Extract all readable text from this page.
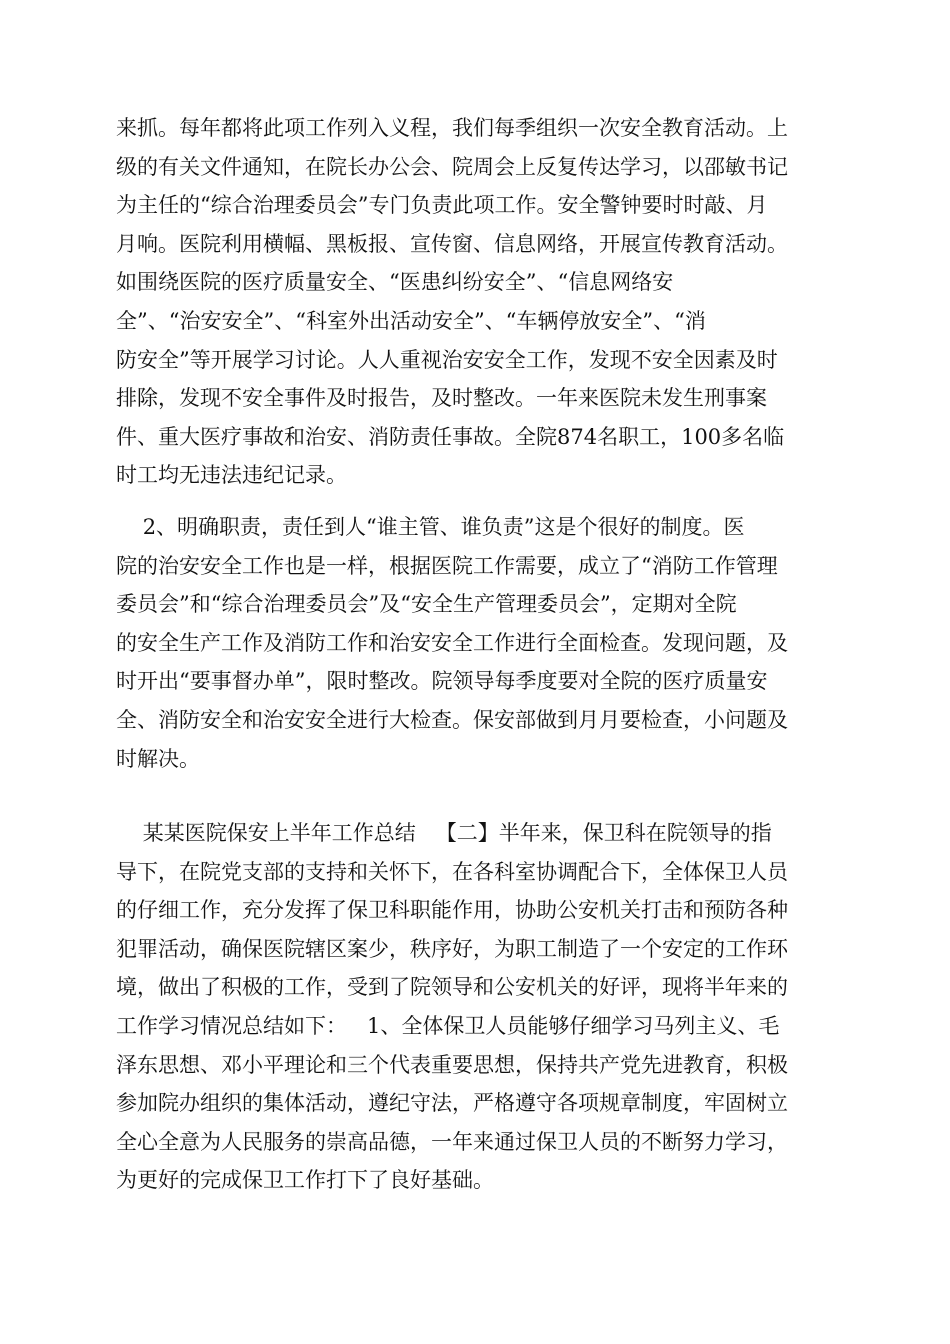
来抓。每年都将此项工作列入义程，我们每季组织一次安全教育活动。上
级的有关文件通知，在院长办公会、院周会上反复传达学习，以邵敏书记
为主任的“综合治理委员会”专门负责此项工作。安全警钟要时时敲、月
月响。医院利用横幅、黑板报、宣传窗、信息网络，开展宣传教育活动。
如围绕医院的医疗质量安全、“医患纠纷安全”、“信息网络安
全”、“治安安全”、“科室外出活动安全”、“车辆停放安全”、“消
防安全”等开展学习讨论。人人重视治安安全工作，发现不安全因素及时
排除，发现不安全事件及时报告，及时整改。一年来医院未发生刑事案
件、重大医疗事故和治安、消防责任事故。全院874名职工，100多名临
时工均无违法违纪记录。
2、明确职责，责任到人“谁主管、谁负责”这是个很好的制度。医
院的治安安全工作也是一样，根据医院工作需要，成立了“消防工作管理
委员会”和“综合治理委员会”及“安全生产管理委员会”，定期对全院
的安全生产工作及消防工作和治安安全工作进行全面检查。发现问题，及
时开出“要事督办单”，限时整改。院领导每季度要对全院的医疗质量安
全、消防安全和治安安全进行大检查。保安部做到月月要检查，小问题及
时解决。
某某医院保安上半年工作总结   【二】半年来，保卫科在院领导的指
导下，在院党支部的支持和关怀下，在各科室协调配合下，全体保卫人员
的仔细工作，充分发挥了保卫科职能作用，协助公安机关打击和预防各种
犯罪活动，确保医院辖区案少，秩序好，为职工制造了一个安定的工作环
境，做出了积极的工作，受到了院领导和公安机关的好评，现将半年来的
工作学习情况总结如下：   1、全体保卫人员能够仔细学习马列主义、毛
泽东思想、邓小平理论和三个代表重要思想，保持共产党先进教育，积极
参加院办组织的集体活动，遵纪守法，严格遵守各项规章制度，牢固树立
全心全意为人民服务的崇高品德，一年来通过保卫人员的不断努力学习，
为更好的完成保卫工作打下了良好基础。
